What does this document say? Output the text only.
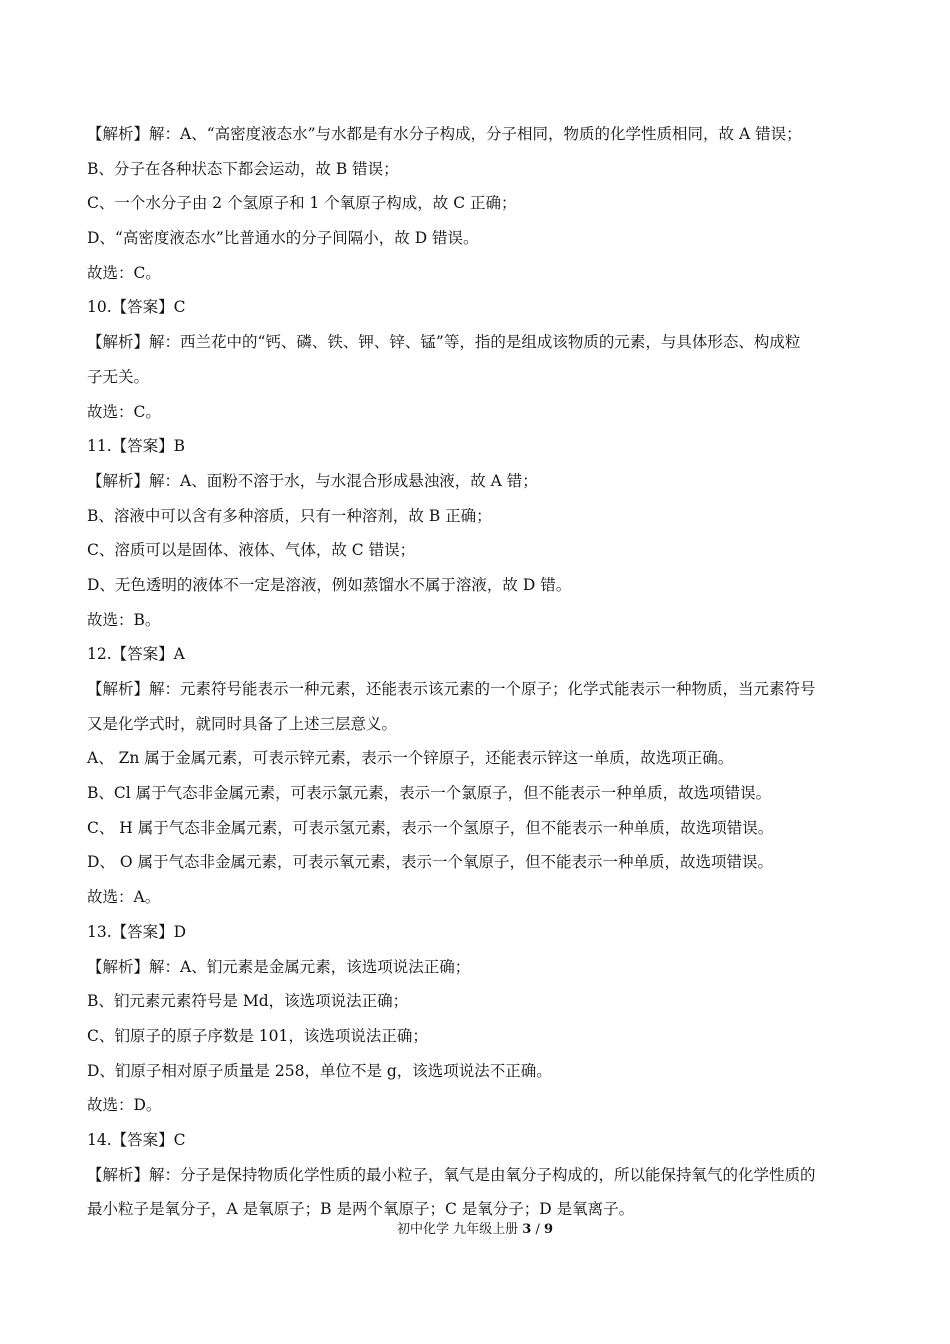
【解析】解：A、“高密度液态水”与水都是有水分子构成，分子相同，物质的化学性质相同，故 A 错误；
B、分子在各种状态下都会运动，故 B 错误；
C、一个水分子由 2 个氢原子和 1 个氧原子构成，故 C 正确；
D、“高密度液态水”比普通水的分子间隔小，故 D 错误。
故选：C。
10.【答案】C
【解析】解：西兰花中的“钙、磷、铁、钾、锌、锰”等，指的是组成该物质的元素，与具体形态、构成粒
子无关。
故选：C。
11.【答案】B
【解析】解：A、面粉不溶于水，与水混合形成悬浊液，故 A 错；
B、溶液中可以含有多种溶质，只有一种溶剂，故 B 正确；
C、溶质可以是固体、液体、气体，故 C 错误；
D、无色透明的液体不一定是溶液，例如蒸馏水不属于溶液，故 D 错。
故选：B。
12.【答案】A
【解析】解：元素符号能表示一种元素，还能表示该元素的一个原子；化学式能表示一种物质，当元素符号
又是化学式时，就同时具备了上述三层意义。
A、 Zn 属于金属元素，可表示锌元素，表示一个锌原子，还能表示锌这一单质，故选项正确。
B、Cl 属于气态非金属元素，可表示氯元素，表示一个氯原子，但不能表示一种单质，故选项错误。
C、 H 属于气态非金属元素，可表示氢元素，表示一个氢原子，但不能表示一种单质，故选项错误。
D、 O 属于气态非金属元素，可表示氧元素，表示一个氧原子，但不能表示一种单质，故选项错误。
故选：A。
13.【答案】D
【解析】解：A、钔元素是金属元素，该选项说法正确；
B、钔元素元素符号是 Md，该选项说法正确；
C、钔原子的原子序数是 101，该选项说法正确；
D、钔原子相对原子质量是 258，单位不是 g，该选项说法不正确。
故选：D。
14.【答案】C
【解析】解：分子是保持物质化学性质的最小粒子，氧气是由氧分子构成的，所以能保持氧气的化学性质的
最小粒子是氧分子，A 是氧原子；B 是两个氧原子；C 是氧分子；D 是氧离子。
初中化学 九年级上册 3 / 9
